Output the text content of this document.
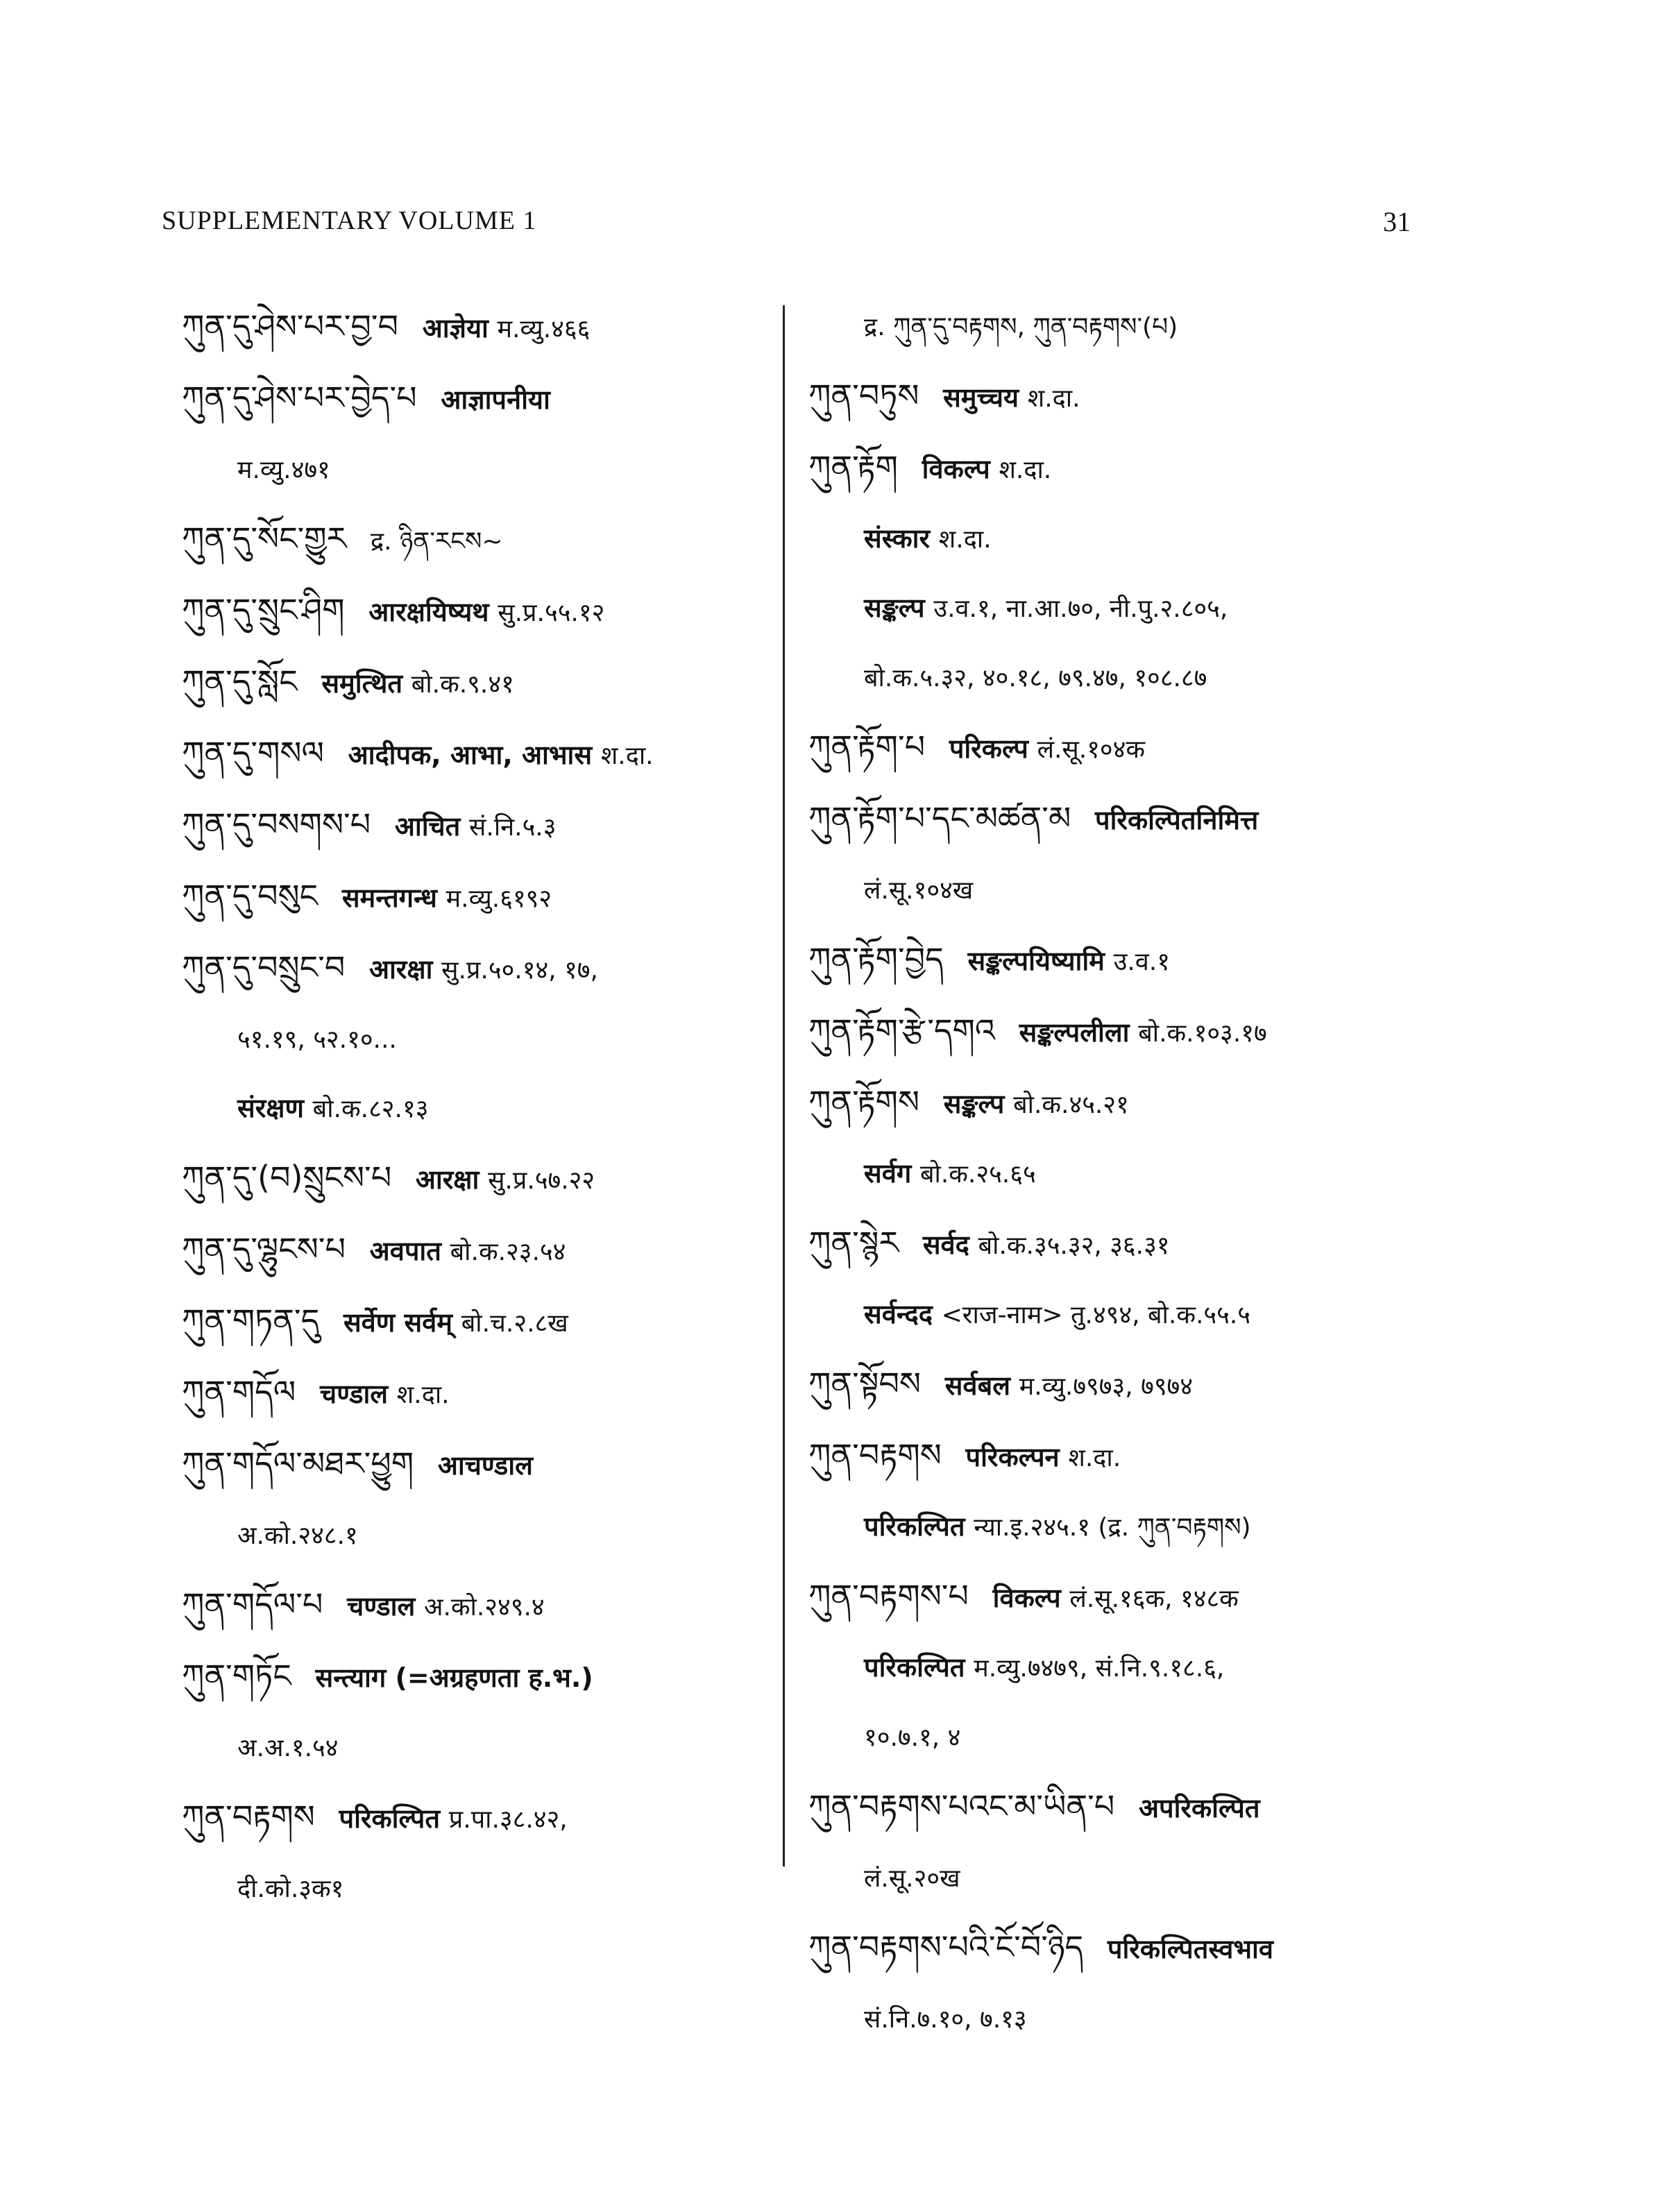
SUPPLEMENTARY VOLUME 1	31
ཀུན་དུ་ཤེས་པར་བྱ་བ आज्ञेया म.व्यु.४६६
ཀུན་དུ་ཤེས་པར་བྱེད་པ आज्ञापनीया
म.व्यु.४७१
ཀུན་དུ་སོང་གྱུར द्र. ཉིན་རངས~
ཀུན་དུ་སྲུང་ཤིག आरक्षयिष्यथ सु.प्र.५५.१२
ཀུན་དུ་སློང समुत्थित बो.क.९.४१
ཀུན་དུ་གསལ आदीपक, आभा, आभास श.दा.
ཀུན་དུ་བསགས་པ आचित सं.नि.५.३
ཀུན་དུ་བསུང समन्तगन्ध म.व्यु.६१९२
ཀུན་དུ་བསྲུང་བ आरक्षा सु.प्र.५०.१४, १७,
५१.१९, ५२.१०...
संरक्षण बो.क.८२.१३
ཀུན་དུ་(བ)སྲུངས་པ आरक्षा सु.प्र.५७.२२
ཀུན་དུ་ལྷུངས་པ अवपात बो.क.२३.५४
ཀུན་གཏན་དུ सर्वेण सर्वम् बो.च.२.८ख
ཀུན་གདོལ चण्डाल श.दा.
ཀུན་གདོལ་མཐར་ཕྱུག आचण्डाल
अ.को.२४८.१
ཀུན་གདོལ་པ चण्डाल अ.को.२४९.४
ཀུན་གཏོང सन्त्याग (=अग्रहणता ह.भ.)
अ.अ.१.५४
ཀུན་བརྟགས परिकल्पित प्र.पा.३८.४२,
दी.को.३क१
द्र. ཀུན་དུ་བརྟགས, ཀུན་བརྟགས་(པ)
ཀུན་བཏུས समुच्चय श.दा.
ཀུན་རྟོག विकल्प श.दा.
संस्कार श.दा.
सङ्कल्प उ.व.१, ना.आ.७०, नी.पु.२.८०५,
बो.क.५.३२, ४०.१८, ७९.४७, १०८.८७
ཀུན་རྟོག་པ परिकल्प लं.सू.१०४क
ཀུན་རྟོག་པ་དང་མཚན་མ परिकल्पितनिमित्त
लं.सू.१०४ख
ཀུན་རྟོག་བྱེད सङ्कल्पयिष्यामि उ.व.१
ཀུན་རྟོག་རྩེ་དགའ सङ्कल्पलीला बो.क.१०३.१७
ཀུན་རྟོགས सङ्कल्प बो.क.४५.२१
सर्वग बो.क.२५.६५
ཀུན་སྙེར सर्वद बो.क.३५.३२, ३६.३१
सर्वन्दद <राज-नाम> तु.४९४, बो.क.५५.५
ཀུན་སྟོབས सर्वबल म.व्यु.७९७३, ७९७४
ཀུན་བརྟགས परिकल्पन श.दा.
परिकल्पित न्या.इ.२४५.१ (द्र. ཀུན་བརྟགས)
ཀུན་བརྟགས་པ विकल्प लं.सू.१६क, १४८क
परिकल्पित म.व्यु.७४७९, सं.नि.९.१८.६,
१०.७.१, ४
ཀུན་བརྟགས་པའང་མ་ཡིན་པ अपरिकल्पित
लं.सू.२०ख
ཀུན་བརྟགས་པའི་ངོ་བོ་ཉིད परिकल्पितस्वभाव
सं.नि.७.१०, ७.१३
